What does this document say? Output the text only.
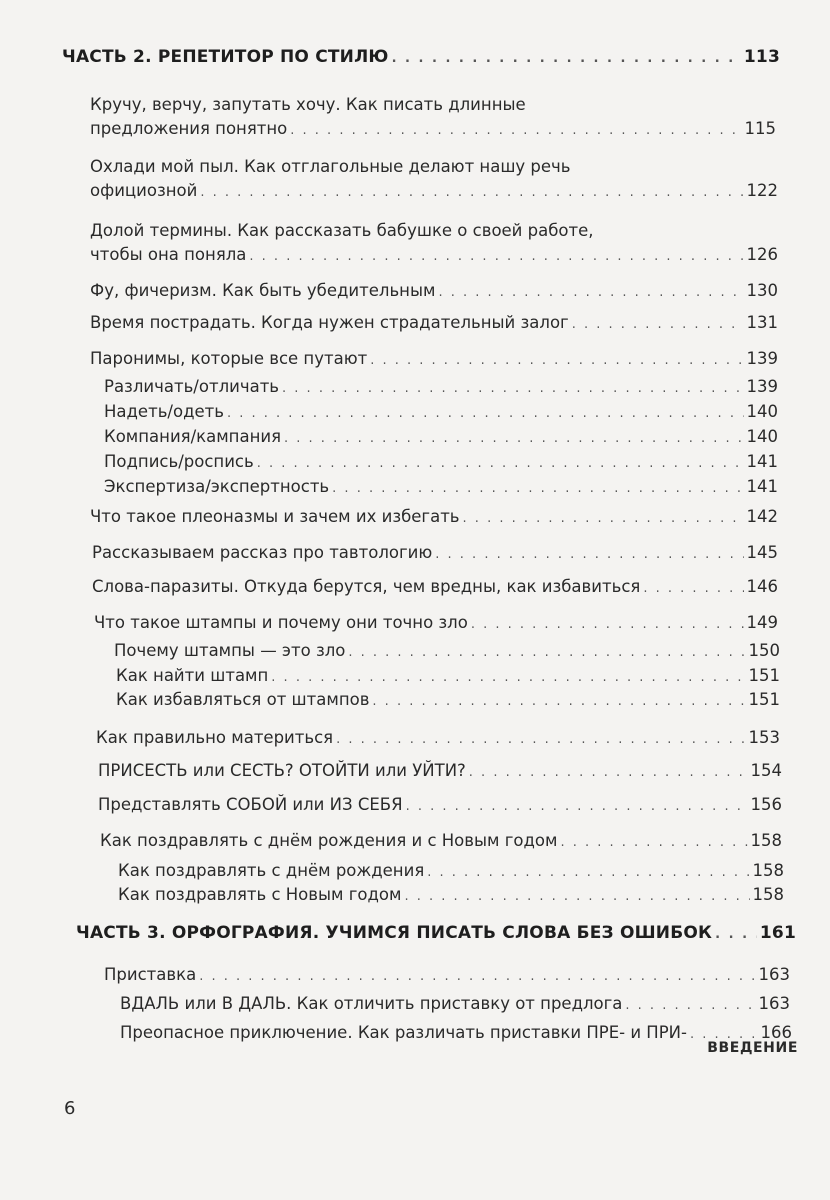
ЧАСТЬ 2. РЕПЕТИТОР ПО СТИЛЮ . . .	113
Кручу, верчу, запутать хочу. Как писать длинные
предложения понятно . . .	115
Охлади мой пыл. Как отглагольные делают нашу речь
официозной . . .	122
Долой термины. Как рассказать бабушке о своей работе,
чтобы она поняла . . .	126
Фу, фичеризм. Как быть убедительным . . .	130
Время пострадать. Когда нужен страдательный залог . . .	131
Паронимы, которые все путают . . .	139
Различать/отличать . . .	139
Надеть/одеть . . .	140
Компания/кампания . . .	140
Подпись/роспись . . .	141
Экспертиза/экспертность . . .	141
Что такое плеоназмы и зачем их избегать . . .	142
Рассказываем рассказ про тавтологию . . .	145
Слова-паразиты. Откуда берутся, чем вредны, как избавиться . . .	146
Что такое штампы и почему они точно зло . . .	149
Почему штампы — это зло . . .	150
Как найти штамп . . .	151
Как избавляться от штампов . . .	151
Как правильно материться . . .	153
ПРИСЕСТЬ или СЕСТЬ? ОТОЙТИ или УЙТИ? . . .	154
Представлять СОБОЙ или ИЗ СЕБЯ . . .	156
Как поздравлять с днём рождения и с Новым годом . . .	158
Как поздравлять с днём рождения . . .	158
Как поздравлять с Новым годом . . .	158
ЧАСТЬ 3. ОРФОГРАФИЯ. УЧИМСЯ ПИСАТЬ СЛОВА БЕЗ ОШИБОК . . .	161
Приставка . . .	163
ВДАЛЬ или В ДАЛЬ. Как отличить приставку от предлога . . .	163
Преопасное приключение. Как различать приставки ПРЕ- и ПРИ- . . .	166
6
ВВЕДЕНИЕ
